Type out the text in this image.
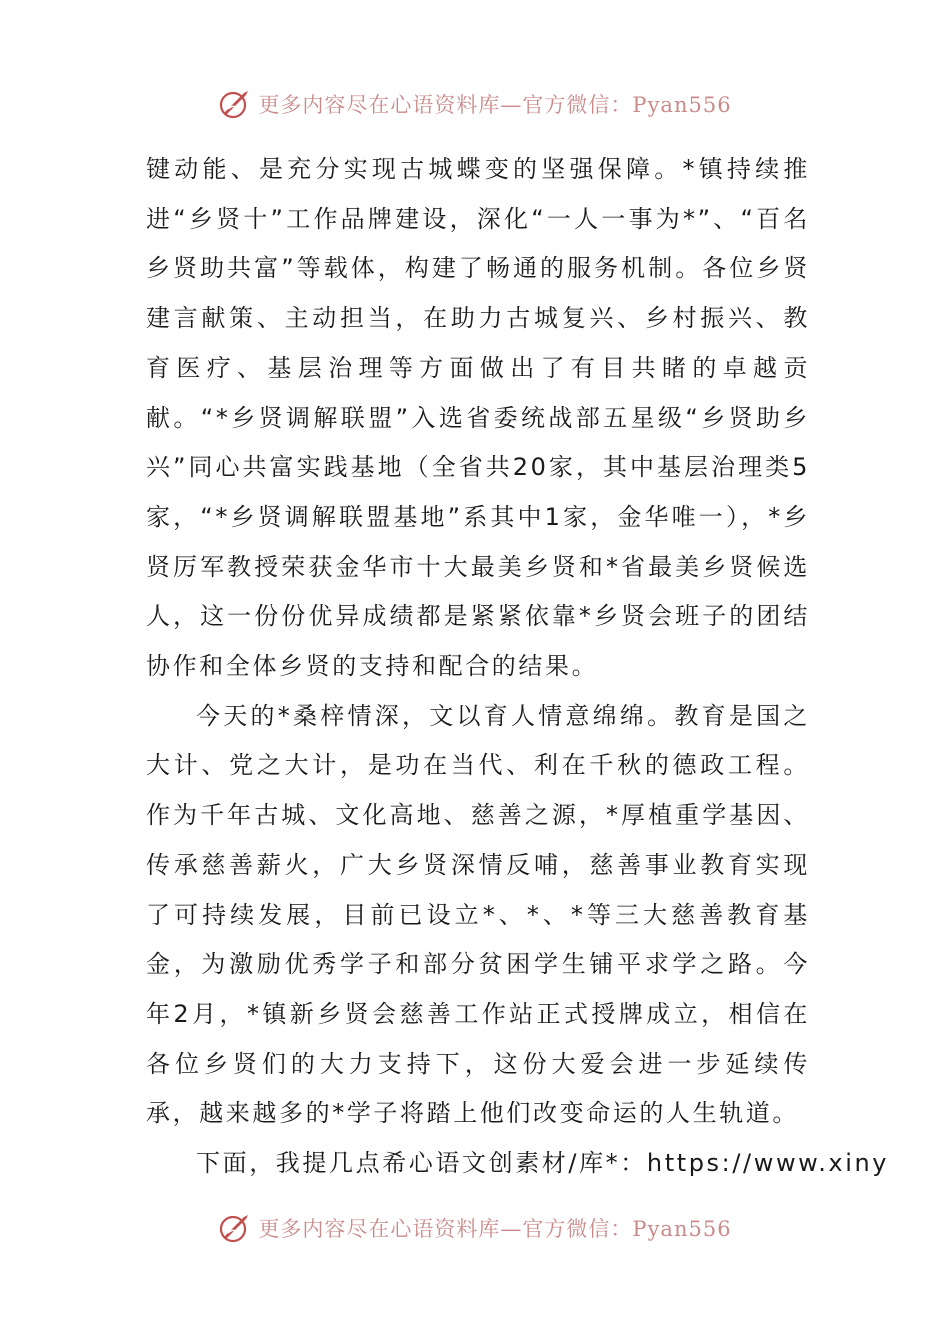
更多内容尽在心语资料库—官方微信：Pyan556

键动能、是充分实现古城蝶变的坚强保障。*镇持续推进“乡贤十”工作品牌建设，深化“一人一事为*”、“百名乡贤助共富”等载体，构建了畅通的服务机制。各位乡贤建言献策、主动担当，在助力古城复兴、乡村振兴、教育医疗、基层治理等方面做出了有目共睹的卓越贡献。“*乡贤调解联盟”入选省委统战部五星级“乡贤助乡兴”同心共富实践基地（全省共20家，其中基层治理类5家，“*乡贤调解联盟基地”系其中1家，金华唯一），*乡贤厉军教授荣获金华市十大最美乡贤和*省最美乡贤候选人，这一份份优异成绩都是紧紧依靠*乡贤会班子的团结协作和全体乡贤的支持和配合的结果。

今天的*桑梓情深，文以育人情意绵绵。教育是国之大计、党之大计，是功在当代、利在千秋的德政工程。作为千年古城、文化高地、慈善之源，*厚植重学基因、传承慈善薪火，广大乡贤深情反哺，慈善事业教育实现了可持续发展，目前已设立*、*、*等三大慈善教育基金，为激励优秀学子和部分贫困学生铺平求学之路。今年2月，*镇新乡贤会慈善工作站正式授牌成立，相信在各位乡贤们的大力支持下，这份大爱会进一步延续传承，越来越多的*学子将踏上他们改变命运的人生轨道。

下面，我提几点希心语文创素材/库*：https://www.xiny

更多内容尽在心语资料库—官方微信：Pyan556
